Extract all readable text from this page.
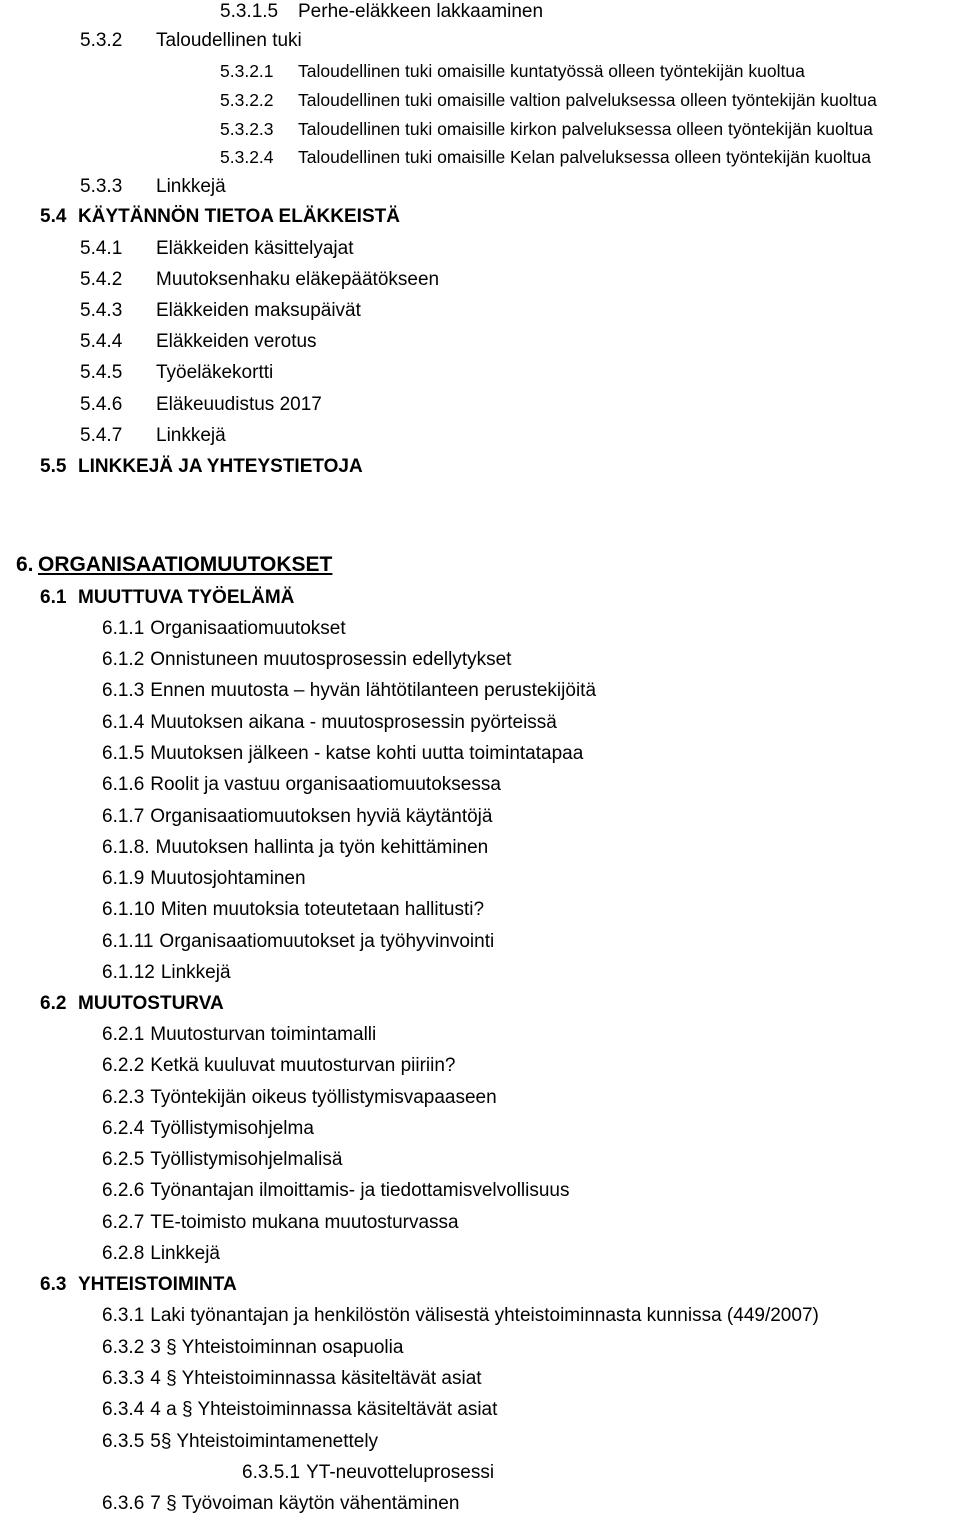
5.3.1.5 Perhe-eläkkeen lakkaaminen
5.3.2 Taloudellinen tuki
5.3.2.1 Taloudellinen tuki omaisille kuntatyössä olleen työntekijän kuoltua
5.3.2.2 Taloudellinen tuki omaisille valtion palveluksessa olleen työntekijän kuoltua
5.3.2.3 Taloudellinen tuki omaisille kirkon palveluksessa olleen työntekijän kuoltua
5.3.2.4 Taloudellinen tuki omaisille Kelan palveluksessa olleen työntekijän kuoltua
5.3.3 Linkkejä
5.4 KÄYTÄNNÖN TIETOA ELÄKKEISTÄ
5.4.1 Eläkkeiden käsittelyajat
5.4.2 Muutoksenhaku eläkepäätökseen
5.4.3 Eläkkeiden maksupäivät
5.4.4 Eläkkeiden verotus
5.4.5 Työeläkekortti
5.4.6 Eläkeuudistus 2017
5.4.7 Linkkejä
5.5 LINKKEJÄ JA YHTEYSTIETOJA
6. ORGANISAATIOMUUTOKSET
6.1 MUUTTUVA TYÖELÄMÄ
6.1.1 Organisaatiomuutokset
6.1.2 Onnistuneen muutosprosessin edellytykset
6.1.3 Ennen muutosta – hyvän lähtötilanteen perustekijöitä
6.1.4 Muutoksen aikana - muutosprosessin pyörteissä
6.1.5 Muutoksen jälkeen - katse kohti uutta toimintatapaa
6.1.6 Roolit ja vastuu organisaatiomuutoksessa
6.1.7 Organisaatiomuutoksen hyviä käytäntöjä
6.1.8. Muutoksen hallinta ja työn kehittäminen
6.1.9 Muutosjohtaminen
6.1.10 Miten muutoksia toteutetaan hallitusti?
6.1.11 Organisaatiomuutokset ja työhyvinvointi
6.1.12 Linkkejä
6.2 MUUTOSTURVA
6.2.1 Muutosturvan toimintamalli
6.2.2 Ketkä kuuluvat muutosturvan piiriin?
6.2.3 Työntekijän oikeus työllistymisvapaaseen
6.2.4 Työllistymisohjelma
6.2.5 Työllistymisohjelmalisä
6.2.6 Työnantajan ilmoittamis- ja tiedottamisvelvollisuus
6.2.7 TE-toimisto mukana muutosturvassa
6.2.8 Linkkejä
6.3 YHTEISTOIMINTA
6.3.1 Laki työnantajan ja henkilöstön välisestä yhteistoiminnasta kunnissa (449/2007)
6.3.2 3 § Yhteistoiminnan osapuolia
6.3.3 4 § Yhteistoiminnassa käsiteltävät asiat
6.3.4 4 a § Yhteistoiminnassa käsiteltävät asiat
6.3.5 5§ Yhteistoimintamenettely
6.3.5.1 YT-neuvotteluprosessi
6.3.6 7 § Työvoiman käytön vähentäminen
